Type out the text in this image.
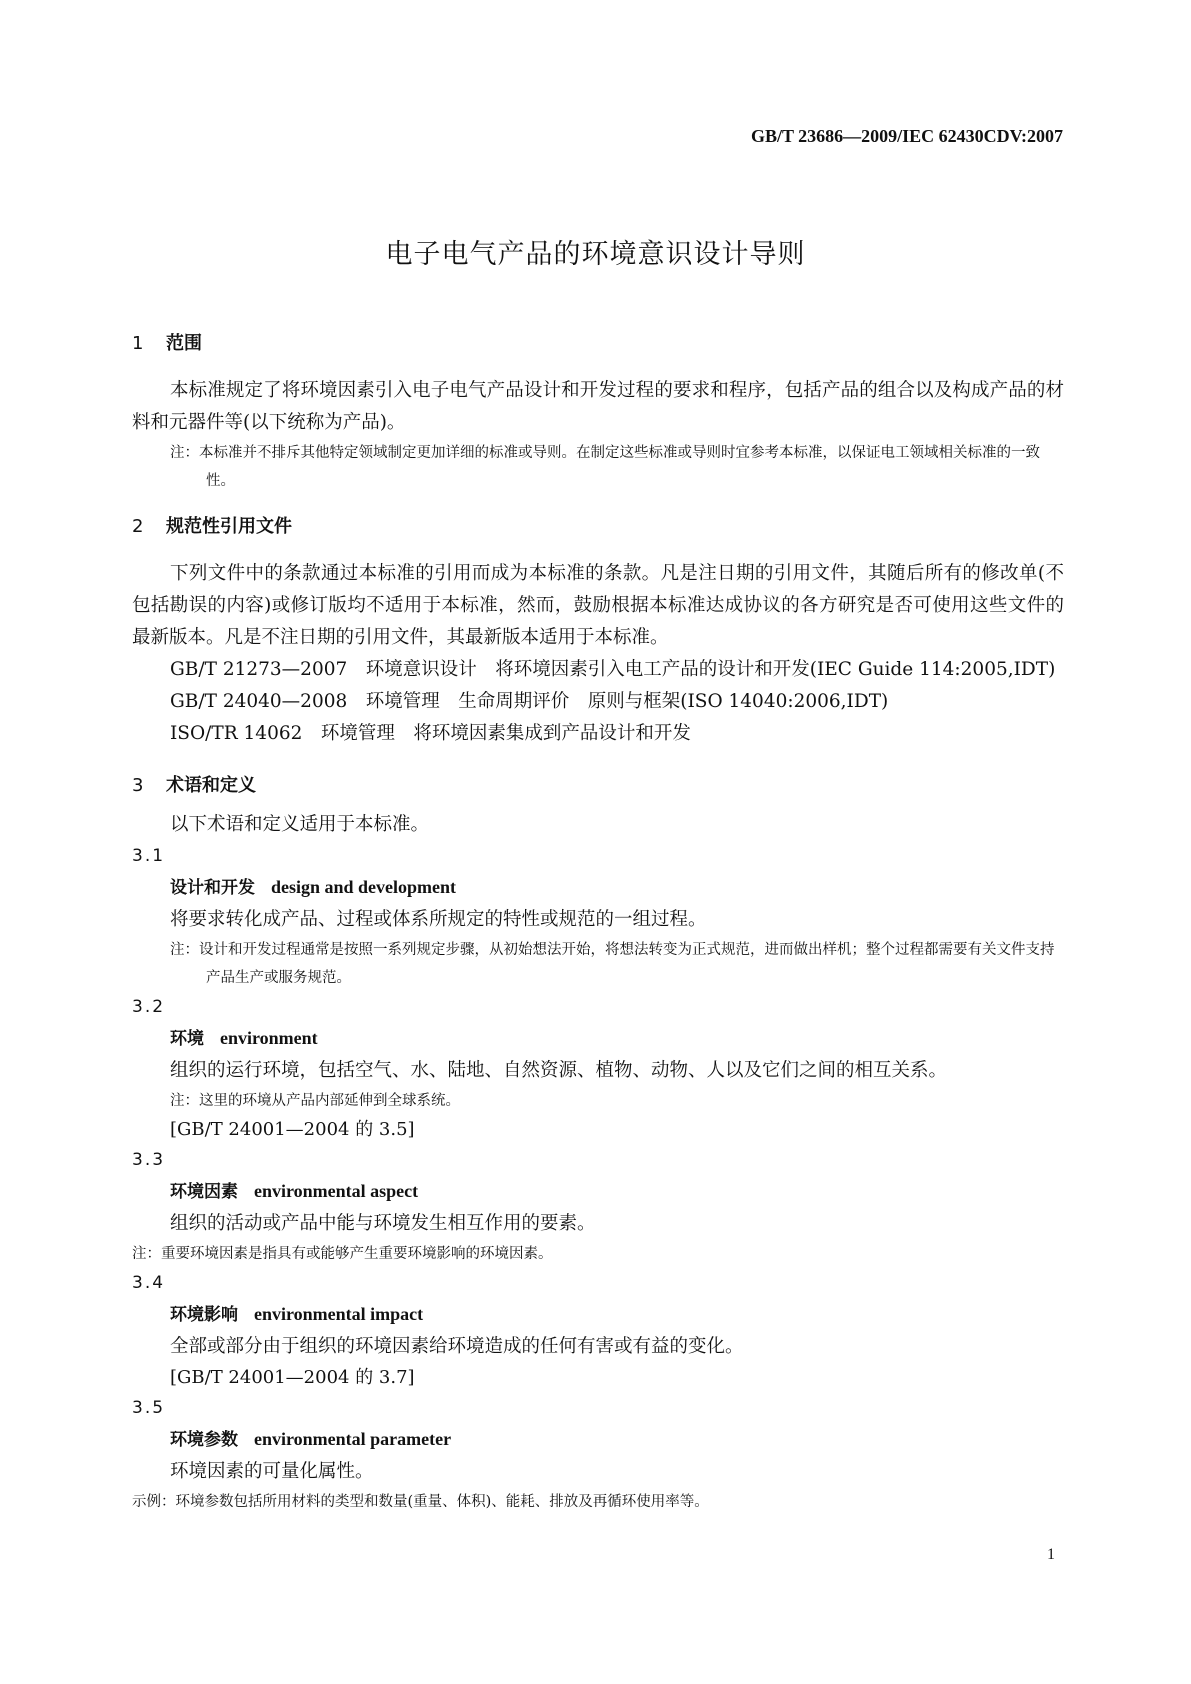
GB/T 23686—2009/IEC 62430CDV:2007
电子电气产品的环境意识设计导则
1 范围

本标准规定了将环境因素引入电子电气产品设计和开发过程的要求和程序，包括产品的组合以及构成产品的材料和元器件等(以下统称为产品)。

注：本标准并不排斥其他特定领域制定更加详细的标准或导则。在制定这些标准或导则时宜参考本标准，以保证电工领域相关标准的一致性。

2 规范性引用文件

下列文件中的条款通过本标准的引用而成为本标准的条款。凡是注日期的引用文件，其随后所有的修改单(不包括勘误的内容)或修订版均不适用于本标准，然而，鼓励根据本标准达成协议的各方研究是否可使用这些文件的最新版本。凡是不注日期的引用文件，其最新版本适用于本标准。

GB/T 21273—2007　环境意识设计　将环境因素引入电工产品的设计和开发(IEC Guide 114:2005,IDT)

GB/T 24040—2008　环境管理　生命周期评价　原则与框架(ISO 14040:2006,IDT)

ISO/TR 14062　环境管理　将环境因素集成到产品设计和开发

3 术语和定义

以下术语和定义适用于本标准。

3.1
设计和开发 design and development

将要求转化成产品、过程或体系所规定的特性或规范的一组过程。

注：设计和开发过程通常是按照一系列规定步骤，从初始想法开始，将想法转变为正式规范，进而做出样机；整个过程都需要有关文件支持产品生产或服务规范。

3.2
环境 environment

组织的运行环境，包括空气、水、陆地、自然资源、植物、动物、人以及它们之间的相互关系。

注：这里的环境从产品内部延伸到全球系统。

[GB/T 24001—2004 的 3.5]

3.3
环境因素 environmental aspect

组织的活动或产品中能与环境发生相互作用的要素。

注：重要环境因素是指具有或能够产生重要环境影响的环境因素。

3.4
环境影响 environmental impact

全部或部分由于组织的环境因素给环境造成的任何有害或有益的变化。

[GB/T 24001—2004 的 3.7]

3.5
环境参数 environmental parameter

环境因素的可量化属性。

示例：环境参数包括所用材料的类型和数量(重量、体积)、能耗、排放及再循环使用率等。

1
